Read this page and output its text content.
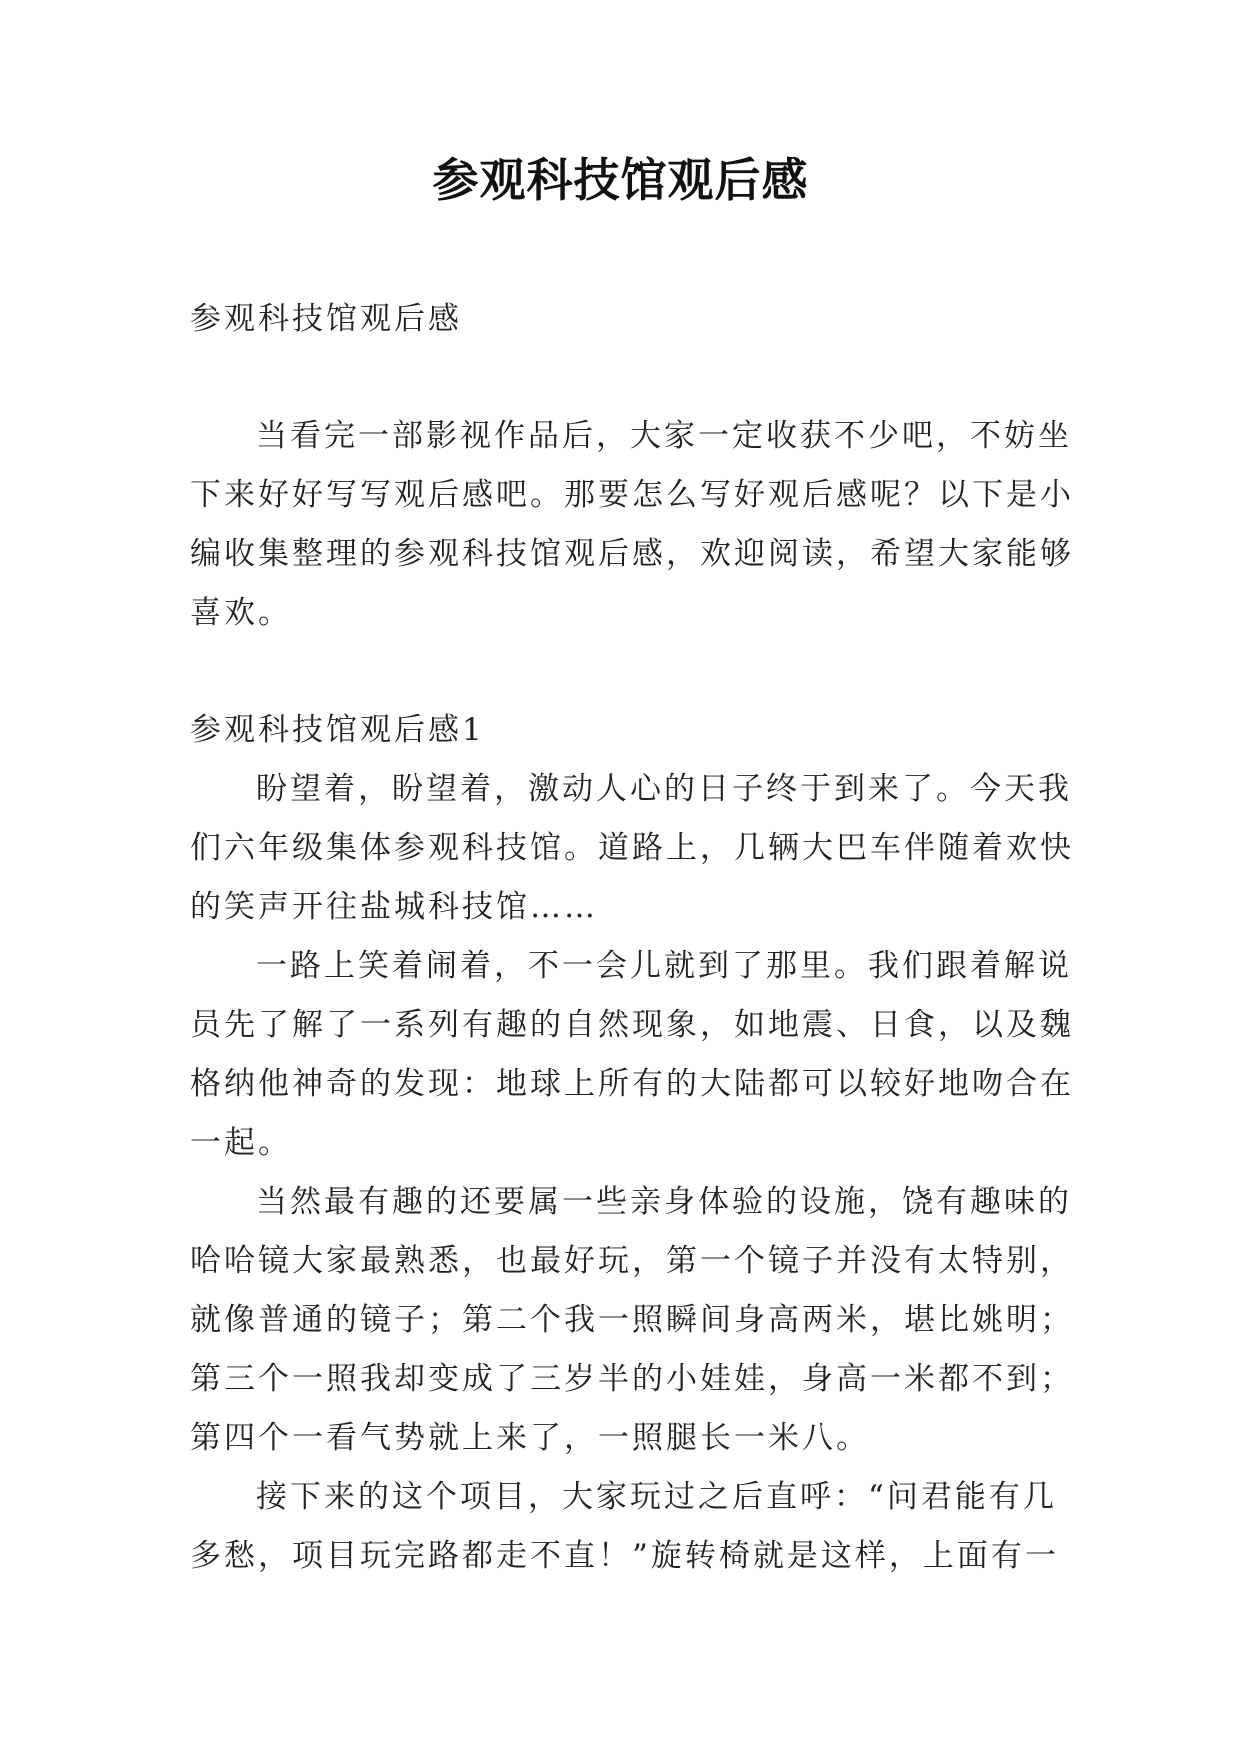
参观科技馆观后感

参观科技馆观后感

当看完一部影视作品后，大家一定收获不少吧，不妨坐

下来好好写写观后感吧。那要怎么写好观后感呢？以下是小

编收集整理的参观科技馆观后感，欢迎阅读，希望大家能够

喜欢。

参观科技馆观后感1

盼望着，盼望着，激动人心的日子终于到来了。今天我

们六年级集体参观科技馆。道路上，几辆大巴车伴随着欢快

的笑声开往盐城科技馆……

一路上笑着闹着，不一会儿就到了那里。我们跟着解说

员先了解了一系列有趣的自然现象，如地震、日食，以及魏

格纳他神奇的发现：地球上所有的大陆都可以较好地吻合在

一起。

当然最有趣的还要属一些亲身体验的设施，饶有趣味的

哈哈镜大家最熟悉，也最好玩，第一个镜子并没有太特别，

就像普通的镜子；第二个我一照瞬间身高两米，堪比姚明；

第三个一照我却变成了三岁半的小娃娃，身高一米都不到；

第四个一看气势就上来了，一照腿长一米八。

接下来的这个项目，大家玩过之后直呼：“问君能有几

多愁，项目玩完路都走不直！”旋转椅就是这样，上面有一
